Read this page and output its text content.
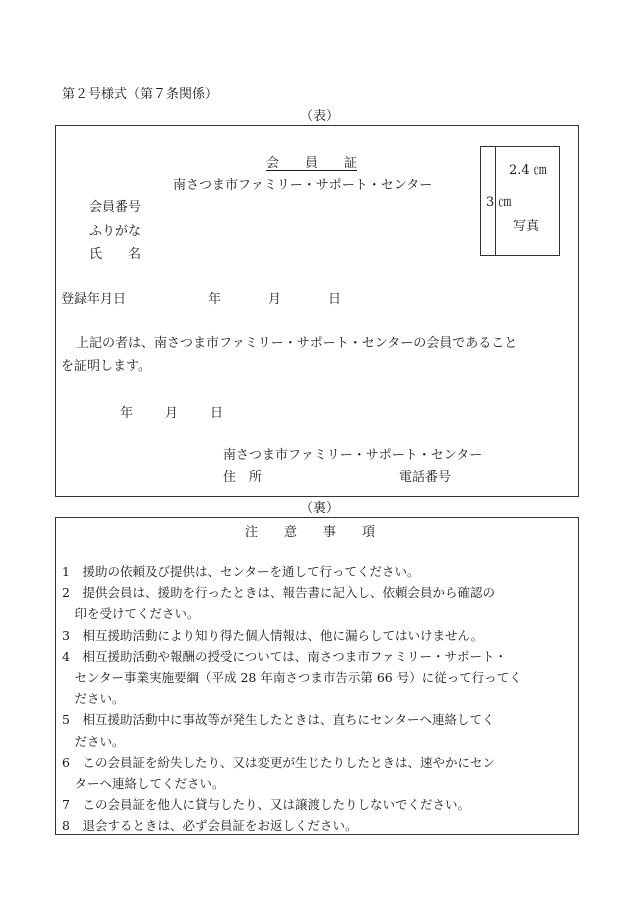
第２号様式（第７条関係）
（表）
会　　員　　証
南さつま市ファミリー・サポート・センター
会員番号
ふりがな
氏　　名
2.4 ㎝
3 ㎝
写真
登録年月日	年	月	日
上記の者は、南さつま市ファミリー・サポート・センターの会員であること
を証明します。
年 月 日
南さつま市ファミリー・サポート・センター
住　所	電話番号
（裏）
注　　意　　事　　項
1　援助の依頼及び提供は、センターを通して行ってください。
2　提供会員は、援助を行ったときは、報告書に記入し、依頼会員から確認の
　印を受けてください。
3　相互援助活動により知り得た個人情報は、他に漏らしてはいけません。
4　相互援助活動や報酬の授受については、南さつま市ファミリー・サポート・
　センター事業実施要綱（平成 28 年南さつま市告示第 66 号）に従って行ってく
　ださい。
5　相互援助活動中に事故等が発生したときは、直ちにセンターへ連絡してく
　ださい。
6　この会員証を紛失したり、又は変更が生じたりしたときは、速やかにセン
　ターへ連絡してください。
7　この会員証を他人に貸与したり、又は譲渡したりしないでください。
8　退会するときは、必ず会員証をお返しください。
